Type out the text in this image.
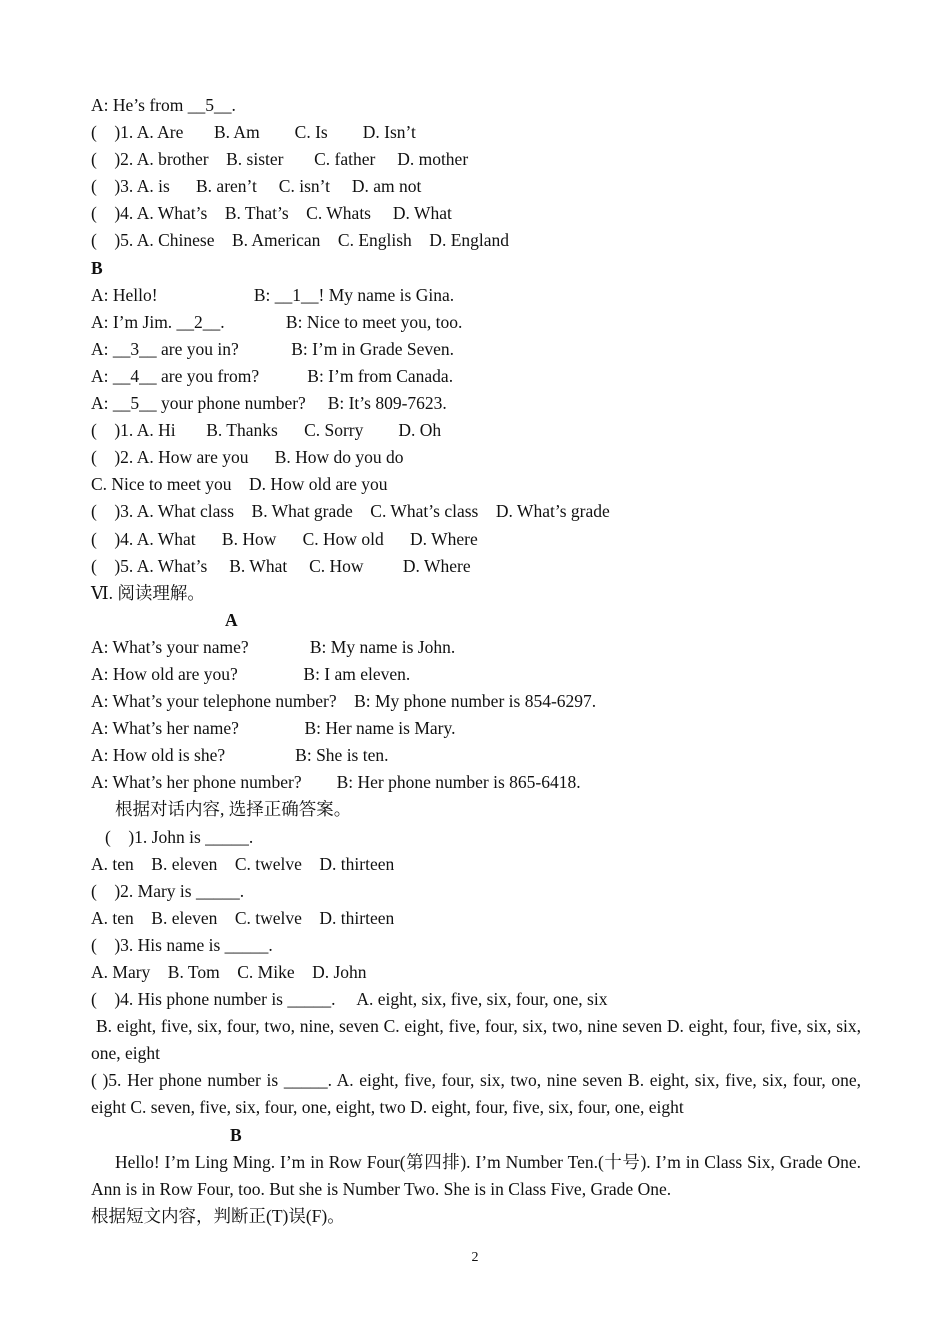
A: He’s from __5__.
(    )1. A. Are       B. Am        C. Is        D. Isn’t
(    )2. A. brother    B. sister       C. father     D. mother
(    )3. A. is      B. aren’t     C. isn’t     D. am not
(    )4. A. What’s    B. That’s    C. Whats     D. What
(    )5. A. Chinese    B. American    C. English    D. England
B
A: Hello!                      B: __1__! My name is Gina.
A: I’m Jim. __2__.              B: Nice to meet you, too.
A: __3__ are you in?            B: I’m in Grade Seven.
A: __4__ are you from?           B: I’m from Canada.
A: __5__ your phone number?     B: It’s 809-7623.
(    )1. A. Hi       B. Thanks      C. Sorry        D. Oh
(    )2. A. How are you      B. How do you do
C. Nice to meet you    D. How old are you
(    )3. A. What class    B. What grade    C. What’s class    D. What’s grade
(    )4. A. What      B. How      C. How old      D. Where
(    )5. A. What’s     B. What     C. How         D. Where
Ⅵ. 阅读理解。
A
A: What’s your name?              B: My name is John.
A: How old are you?               B: I am eleven.
A: What’s your telephone number?    B: My phone number is 854-6297.
A: What’s her name?               B: Her name is Mary.
A: How old is she?                B: She is ten.
A: What’s her phone number?        B: Her phone number is 865-6418.
根据对话内容, 选择正确答案。
(    )1. John is _____.
A. ten    B. eleven    C. twelve    D. thirteen
(    )2. Mary is _____.
A. ten    B. eleven    C. twelve    D. thirteen
(    )3. His name is _____.
A. Mary    B. Tom    C. Mike    D. John
(    )4. His phone number is _____.     A. eight, six, five, six, four, one, six
B. eight, five, six, four, two, nine, seven C. eight, five, four, six, two, nine seven D. eight, four, five, six, six, one, eight
( )5. Her phone number is _____. A. eight, five, four, six, two, nine seven B. eight, six, five, six, four, one, eight C. seven, five, six, four, one, eight, two D. eight, four, five, six, four, one, eight
B
Hello! I’m Ling Ming. I’m in Row Four(第四排). I’m Number Ten.(十号). I’m in Class Six, Grade One. Ann is in Row Four, too. But she is Number Two. She is in Class Five, Grade One.
根据短文内容，判断正(T)误(F)。
2
